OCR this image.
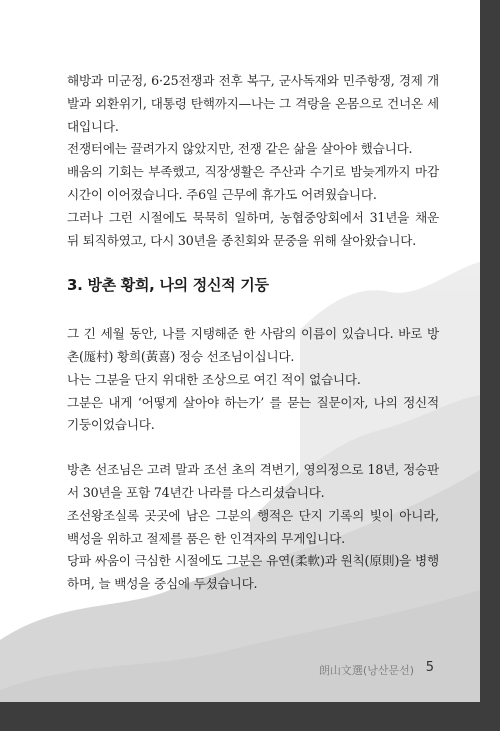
해방과 미군정, 6·25전쟁과 전후 복구, 군사독재와 민주항쟁, 경제 개발과 외환위기, 대통령 탄핵까지—나는 그 격랑을 온몸으로 건너온 세대입니다.

전쟁터에는 끌려가지 않았지만, 전쟁 같은 삶을 살아야 했습니다.

배움의 기회는 부족했고, 직장생활은 주산과 수기로 밤늦게까지 마감시간이 이어졌습니다. 주6일 근무에 휴가도 어려웠습니다.

그러나 그런 시절에도 묵묵히 일하며, 농협중앙회에서 31년을 채운 뒤 퇴직하였고, 다시 30년을 종친회와 문중을 위해 살아왔습니다.

3. 방촌 황희, 나의 정신적 기둥

그 긴 세월 동안, 나를 지탱해준 한 사람의 이름이 있습니다. 바로 방촌(厖村) 황희(黃喜) 정승 선조님이십니다.

나는 그분을 단지 위대한 조상으로 여긴 적이 없습니다.

그분은 내게 ‘어떻게 살아야 하는가’ 를 묻는 질문이자, 나의 정신적 기둥이었습니다.

방촌 선조님은 고려 말과 조선 초의 격변기, 영의정으로 18년, 정승판서 30년을 포함 74년간 나라를 다스리셨습니다.

조선왕조실록 곳곳에 남은 그분의 행적은 단지 기록의 빛이 아니라, 백성을 위하고 절제를 품은 한 인격자의 무게입니다.

당파 싸움이 극심한 시절에도 그분은 유연(柔軟)과 원칙(原則)을 병행하며, 늘 백성을 중심에 두셨습니다.

朗山文選(낭산문선) 5
